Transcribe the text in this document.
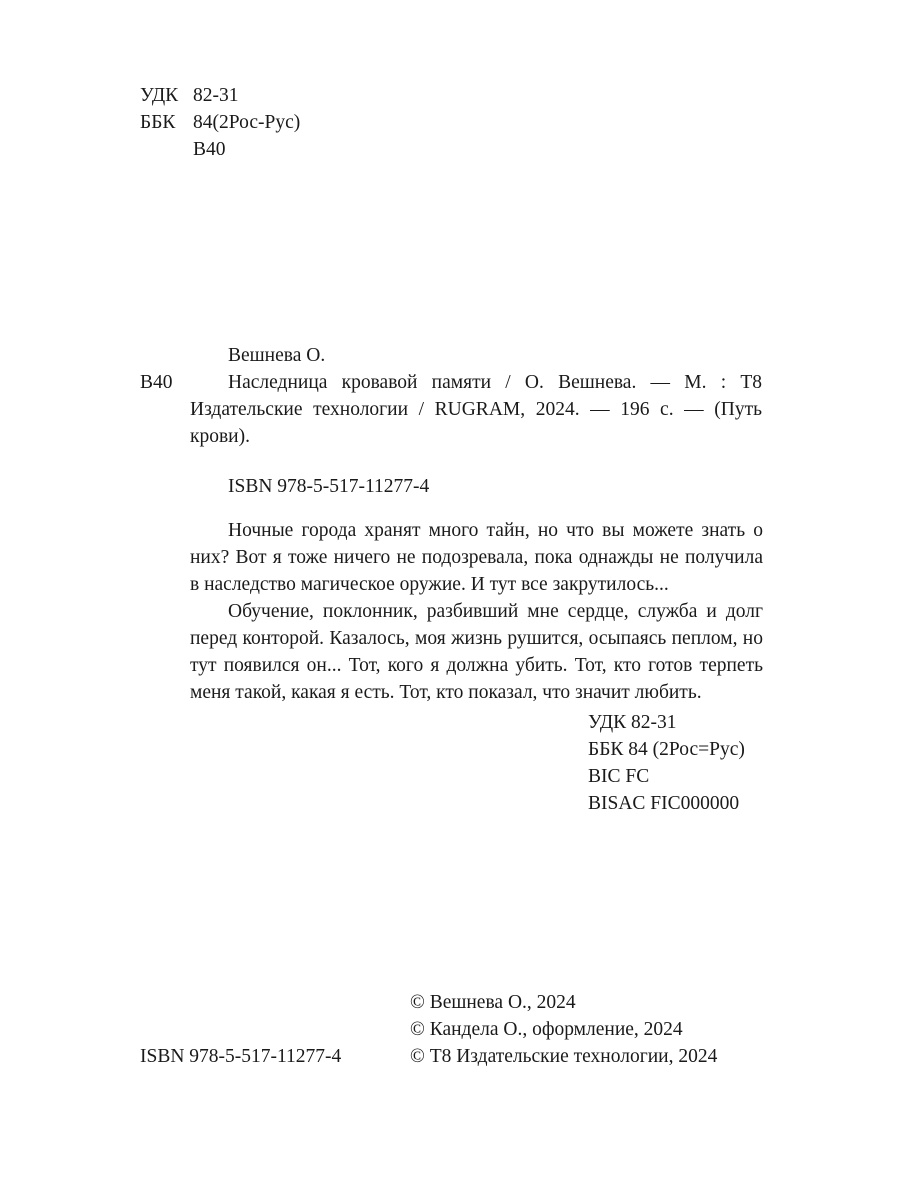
УДК 82-31
ББК 84(2Рос-Рус)
В40
Вешнева О.
В40	Наследница кровавой памяти / О. Вешнева. — М. : Т8 Издательские технологии / RUGRAM, 2024. — 196 с. — (Путь крови).

ISBN 978-5-517-11277-4

Ночные города хранят много тайн, но что вы можете знать о них? Вот я тоже ничего не подозревала, пока однажды не получила в наследство магическое оружие. И тут все закрутилось...

Обучение, поклонник, разбивший мне сердце, служба и долг перед конторой. Казалось, моя жизнь рушится, осыпаясь пеплом, но тут появился он... Тот, кого я должна убить. Тот, кто готов терпеть меня такой, какая я есть. Тот, кто показал, что значит любить.

УДК 82-31
ББК 84 (2Рос=Рус)
BIC FC
BISAC FIC000000
© Вешнева О., 2024
© Кандела О., оформление, 2024
© Т8 Издательские технологии, 2024
ISBN 978-5-517-11277-4
